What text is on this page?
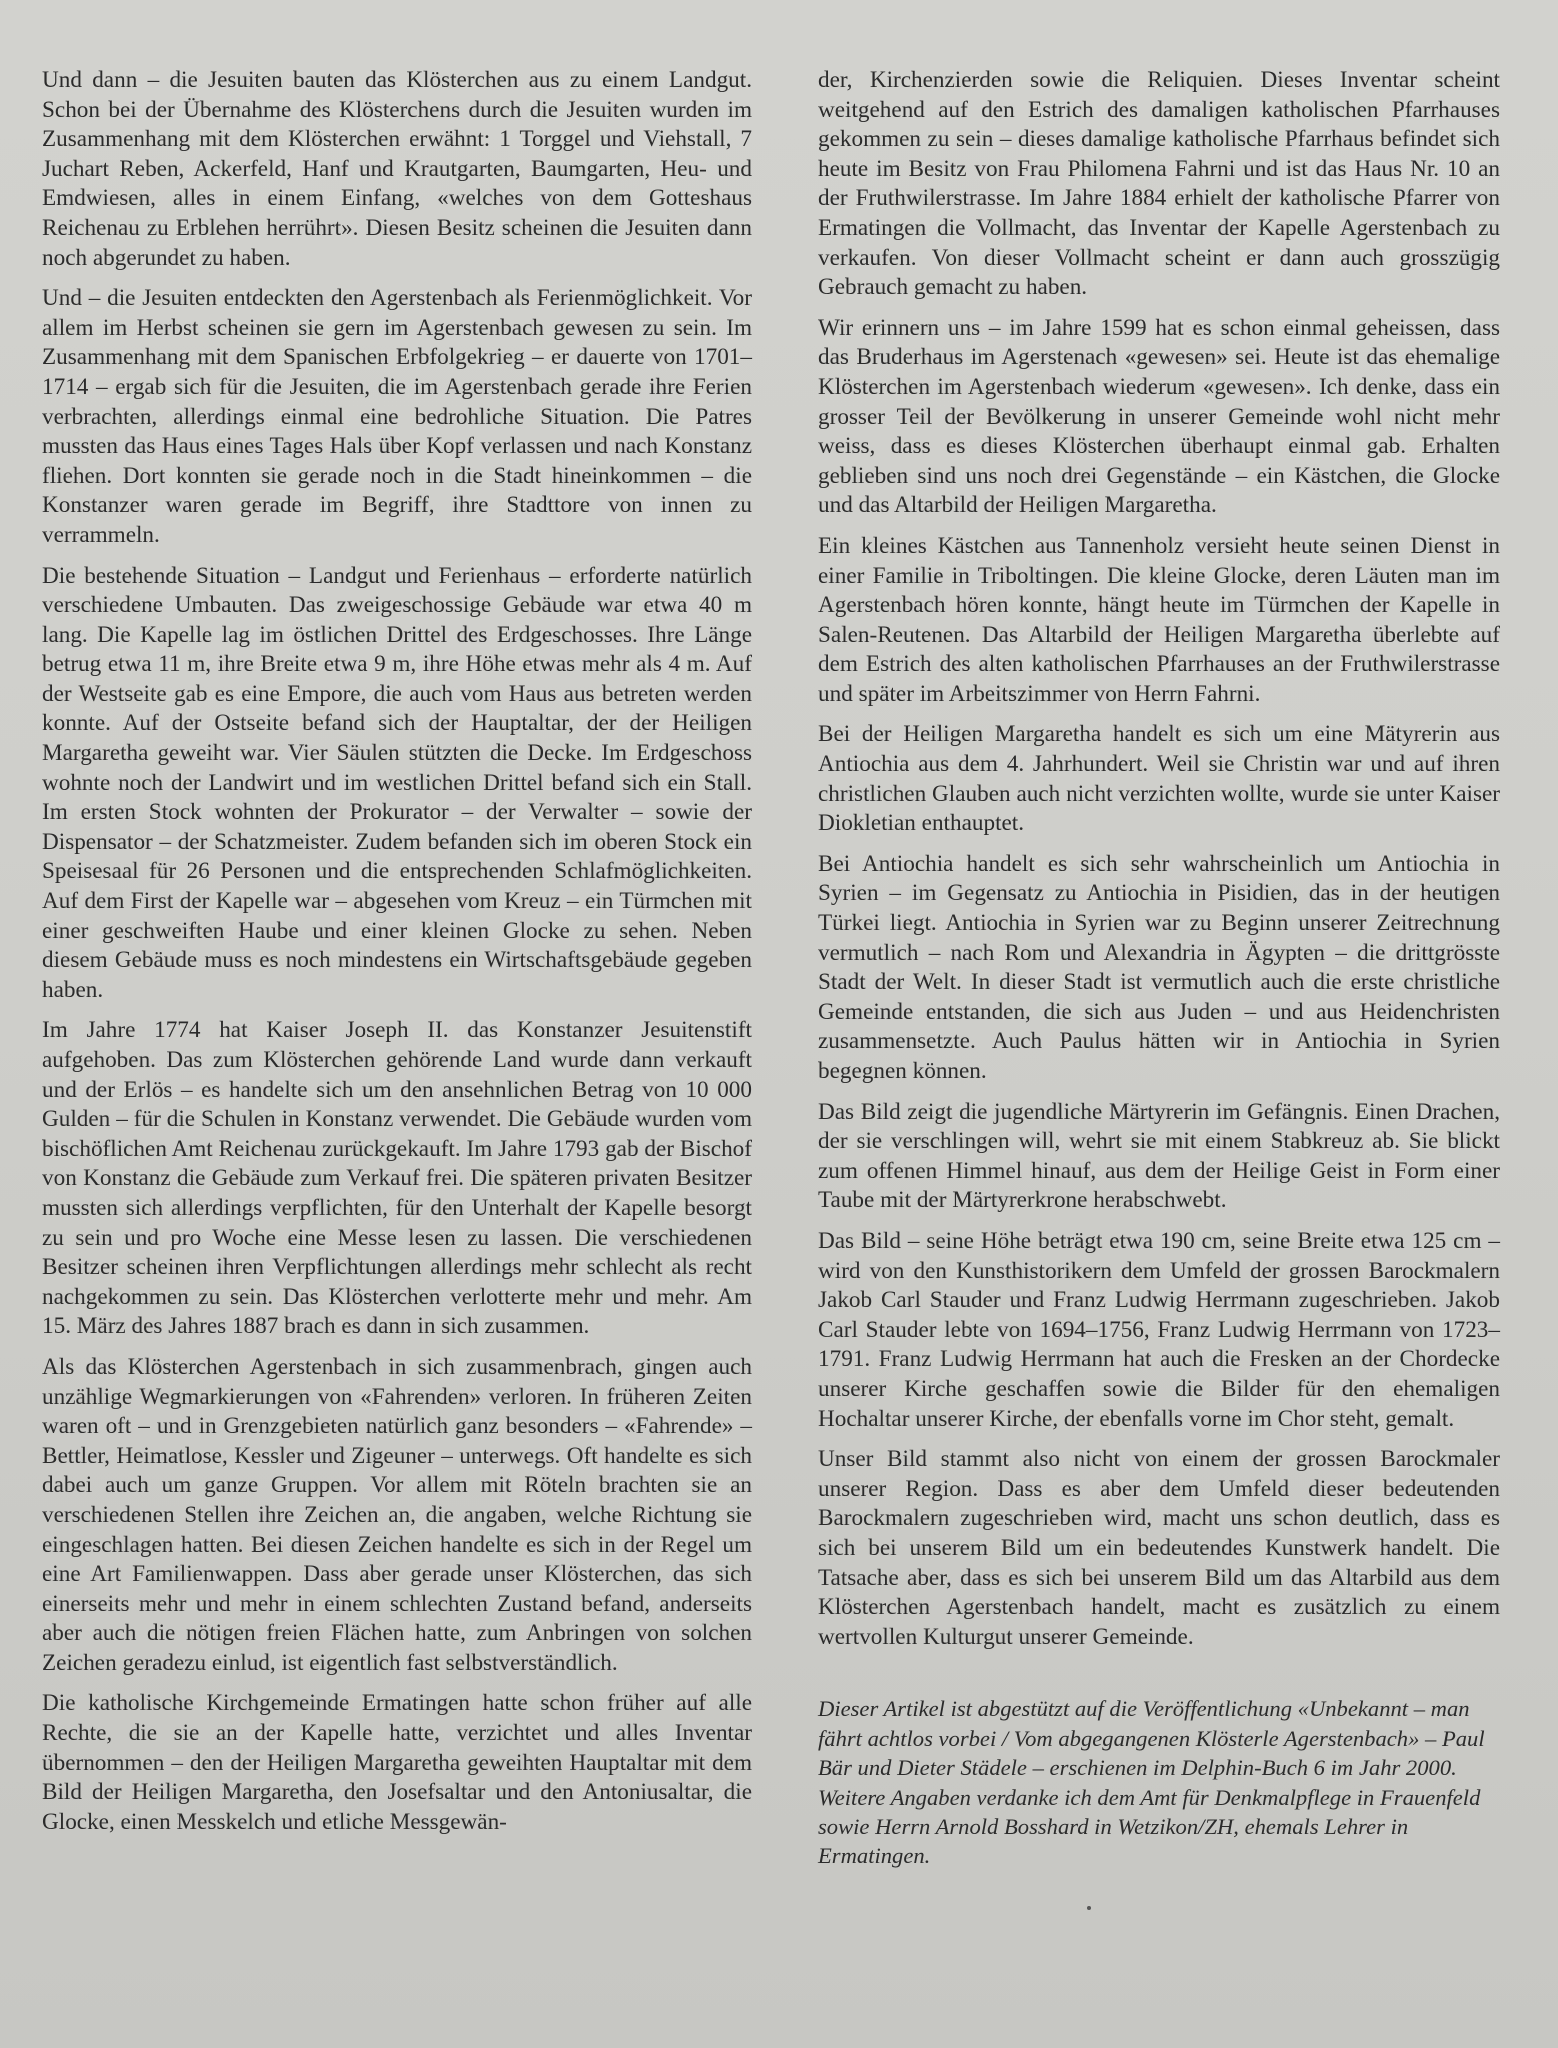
Und dann – die Jesuiten bauten das Klösterchen aus zu einem Landgut. Schon bei der Übernahme des Klösterchens durch die Jesuiten wurden im Zusammenhang mit dem Klösterchen erwähnt: 1 Torggel und Viehstall, 7 Juchart Reben, Ackerfeld, Hanf und Krautgarten, Baumgarten, Heu- und Emdwiesen, alles in einem Einfang, «welches von dem Gotteshaus Reichenau zu Erblehen herrührt». Diesen Besitz scheinen die Jesuiten dann noch abgerundet zu haben.

Und – die Jesuiten entdeckten den Agerstenbach als Ferienmöglichkeit. Vor allem im Herbst scheinen sie gern im Agerstenbach gewesen zu sein. Im Zusammenhang mit dem Spanischen Erbfolgekrieg – er dauerte von 1701–1714 – ergab sich für die Jesuiten, die im Agerstenbach gerade ihre Ferien verbrachten, allerdings einmal eine bedrohliche Situation. Die Patres mussten das Haus eines Tages Hals über Kopf verlassen und nach Konstanz fliehen. Dort konnten sie gerade noch in die Stadt hineinkommen – die Konstanzer waren gerade im Begriff, ihre Stadttore von innen zu verrammeln.

Die bestehende Situation – Landgut und Ferienhaus – erforderte natürlich verschiedene Umbauten. Das zweigeschossige Gebäude war etwa 40 m lang. Die Kapelle lag im östlichen Drittel des Erdgeschosses. Ihre Länge betrug etwa 11 m, ihre Breite etwa 9 m, ihre Höhe etwas mehr als 4 m. Auf der Westseite gab es eine Empore, die auch vom Haus aus betreten werden konnte. Auf der Ostseite befand sich der Hauptaltar, der der Heiligen Margaretha geweiht war. Vier Säulen stützten die Decke. Im Erdgeschoss wohnte noch der Landwirt und im westlichen Drittel befand sich ein Stall. Im ersten Stock wohnten der Prokurator – der Verwalter – sowie der Dispensator – der Schatzmeister. Zudem befanden sich im oberen Stock ein Speisesaal für 26 Personen und die entsprechenden Schlafmöglichkeiten. Auf dem First der Kapelle war – abgesehen vom Kreuz – ein Türmchen mit einer geschweiften Haube und einer kleinen Glocke zu sehen. Neben diesem Gebäude muss es noch mindestens ein Wirtschaftsgebäude gegeben haben.

Im Jahre 1774 hat Kaiser Joseph II. das Konstanzer Jesuitenstift aufgehoben. Das zum Klösterchen gehörende Land wurde dann verkauft und der Erlös – es handelte sich um den ansehnlichen Betrag von 10 000 Gulden – für die Schulen in Konstanz verwendet. Die Gebäude wurden vom bischöflichen Amt Reichenau zurückgekauft. Im Jahre 1793 gab der Bischof von Konstanz die Gebäude zum Verkauf frei. Die späteren privaten Besitzer mussten sich allerdings verpflichten, für den Unterhalt der Kapelle besorgt zu sein und pro Woche eine Messe lesen zu lassen. Die verschiedenen Besitzer scheinen ihren Verpflichtungen allerdings mehr schlecht als recht nachgekommen zu sein. Das Klösterchen verlotterte mehr und mehr. Am 15. März des Jahres 1887 brach es dann in sich zusammen.

Als das Klösterchen Agerstenbach in sich zusammenbrach, gingen auch unzählige Wegmarkierungen von «Fahrenden» verloren. In früheren Zeiten waren oft – und in Grenzgebieten natürlich ganz besonders – «Fahrende» – Bettler, Heimatlose, Kessler und Zigeuner – unterwegs. Oft handelte es sich dabei auch um ganze Gruppen. Vor allem mit Röteln brachten sie an verschiedenen Stellen ihre Zeichen an, die angaben, welche Richtung sie eingeschlagen hatten. Bei diesen Zeichen handelte es sich in der Regel um eine Art Familienwappen. Dass aber gerade unser Klösterchen, das sich einerseits mehr und mehr in einem schlechten Zustand befand, anderseits aber auch die nötigen freien Flächen hatte, zum Anbringen von solchen Zeichen geradezu einlud, ist eigentlich fast selbstverständlich.

Die katholische Kirchgemeinde Ermatingen hatte schon früher auf alle Rechte, die sie an der Kapelle hatte, verzichtet und alles Inventar übernommen – den der Heiligen Margaretha geweihten Hauptaltar mit dem Bild der Heiligen Margaretha, den Josefsaltar und den Antoniusaltar, die Glocke, einen Messkelch und etliche Messgewän-

der, Kirchenzierden sowie die Reliquien. Dieses Inventar scheint weitgehend auf den Estrich des damaligen katholischen Pfarrhauses gekommen zu sein – dieses damalige katholische Pfarrhaus befindet sich heute im Besitz von Frau Philomena Fahrni und ist das Haus Nr. 10 an der Fruthwilerstrasse. Im Jahre 1884 erhielt der katholische Pfarrer von Ermatingen die Vollmacht, das Inventar der Kapelle Agerstenbach zu verkaufen. Von dieser Vollmacht scheint er dann auch grosszügig Gebrauch gemacht zu haben.

Wir erinnern uns – im Jahre 1599 hat es schon einmal geheissen, dass das Bruderhaus im Agerstenach «gewesen» sei. Heute ist das ehemalige Klösterchen im Agerstenbach wiederum «gewesen». Ich denke, dass ein grosser Teil der Bevölkerung in unserer Gemeinde wohl nicht mehr weiss, dass es dieses Klösterchen überhaupt einmal gab. Erhalten geblieben sind uns noch drei Gegenstände – ein Kästchen, die Glocke und das Altarbild der Heiligen Margaretha.

Ein kleines Kästchen aus Tannenholz versieht heute seinen Dienst in einer Familie in Triboltingen. Die kleine Glocke, deren Läuten man im Agerstenbach hören konnte, hängt heute im Türmchen der Kapelle in Salen-Reutenen. Das Altarbild der Heiligen Margaretha überlebte auf dem Estrich des alten katholischen Pfarrhauses an der Fruthwilerstrasse und später im Arbeitszimmer von Herrn Fahrni.

Bei der Heiligen Margaretha handelt es sich um eine Mätyrerin aus Antiochia aus dem 4. Jahrhundert. Weil sie Christin war und auf ihren christlichen Glauben auch nicht verzichten wollte, wurde sie unter Kaiser Diokletian enthauptet.

Bei Antiochia handelt es sich sehr wahrscheinlich um Antiochia in Syrien – im Gegensatz zu Antiochia in Pisidien, das in der heutigen Türkei liegt. Antiochia in Syrien war zu Beginn unserer Zeitrechnung vermutlich – nach Rom und Alexandria in Ägypten – die drittgrösste Stadt der Welt. In dieser Stadt ist vermutlich auch die erste christliche Gemeinde entstanden, die sich aus Juden – und aus Heidenchristen zusammensetzte. Auch Paulus hätten wir in Antiochia in Syrien begegnen können.

Das Bild zeigt die jugendliche Märtyrerin im Gefängnis. Einen Drachen, der sie verschlingen will, wehrt sie mit einem Stabkreuz ab. Sie blickt zum offenen Himmel hinauf, aus dem der Heilige Geist in Form einer Taube mit der Märtyrerkrone herabschwebt.

Das Bild – seine Höhe beträgt etwa 190 cm, seine Breite etwa 125 cm – wird von den Kunsthistorikern dem Umfeld der grossen Barockmalern Jakob Carl Stauder und Franz Ludwig Herrmann zugeschrieben. Jakob Carl Stauder lebte von 1694–1756, Franz Ludwig Herrmann von 1723–1791. Franz Ludwig Herrmann hat auch die Fresken an der Chordecke unserer Kirche geschaffen sowie die Bilder für den ehemaligen Hochaltar unserer Kirche, der ebenfalls vorne im Chor steht, gemalt.

Unser Bild stammt also nicht von einem der grossen Barockmaler unserer Region. Dass es aber dem Umfeld dieser bedeutenden Barockmalern zugeschrieben wird, macht uns schon deutlich, dass es sich bei unserem Bild um ein bedeutendes Kunstwerk handelt. Die Tatsache aber, dass es sich bei unserem Bild um das Altarbild aus dem Klösterchen Agerstenbach handelt, macht es zusätzlich zu einem wertvollen Kulturgut unserer Gemeinde.

Dieser Artikel ist abgestützt auf die Veröffentlichung «Unbekannt – man fährt achtlos vorbei / Vom abgegangenen Klösterle Agerstenbach» – Paul Bär und Dieter Städele – erschienen im Delphin-Buch 6 im Jahr 2000. Weitere Angaben verdanke ich dem Amt für Denkmalpflege in Frauenfeld sowie Herrn Arnold Bosshard in Wetzikon/ZH, ehemals Lehrer in Ermatingen.
